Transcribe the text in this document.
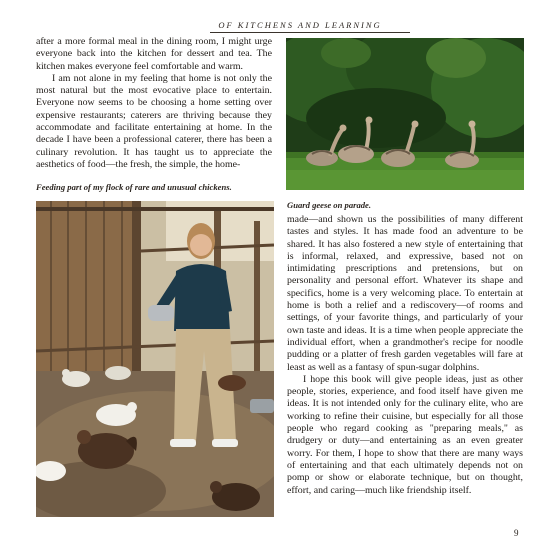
OF KITCHENS AND LEARNING

after a more formal meal in the dining room, I might urge everyone back into the kitchen for dessert and tea. The kitchen makes everyone feel comfortable and warm.

I am not alone in my feeling that home is not only the most natural but the most evocative place to entertain. Everyone now seems to be choosing a home setting over expensive restaurants; caterers are thriving because they accommodate and facilitate entertaining at home. In the decade I have been a professional caterer, there has been a culinary revolution. It has taught us to appreciate the aesthetics of food—the fresh, the simple, the home-

Feeding part of my flock of rare and unusual chickens.
Guard geese on parade.

made—and shown us the possibilities of many different tastes and styles. It has made food an adventure to be shared. It has also fostered a new style of entertaining that is informal, relaxed, and expressive, based not on intimidating prescriptions and pretensions, but on personality and personal effort. Whatever its shape and specifics, home is a very welcoming place. To entertain at home is both a relief and a rediscovery—of rooms and settings, of your favorite things, and particularly of your own taste and ideas. It is a time when people appreciate the individual effort, when a grandmother's recipe for noodle pudding or a platter of fresh garden vegetables will fare at least as well as a fantasy of spun-sugar dolphins.

I hope this book will give people ideas, just as other people, stories, experience, and food itself have given me ideas. It is not intended only for the culinary elite, who are working to refine their cuisine, but especially for all those people who regard cooking as "preparing meals," as drudgery or duty—and entertaining as an even greater worry. For them, I hope to show that there are many ways of entertaining and that each ultimately depends not on pomp or show or elaborate technique, but on thought, effort, and caring—much like friendship itself.

9
